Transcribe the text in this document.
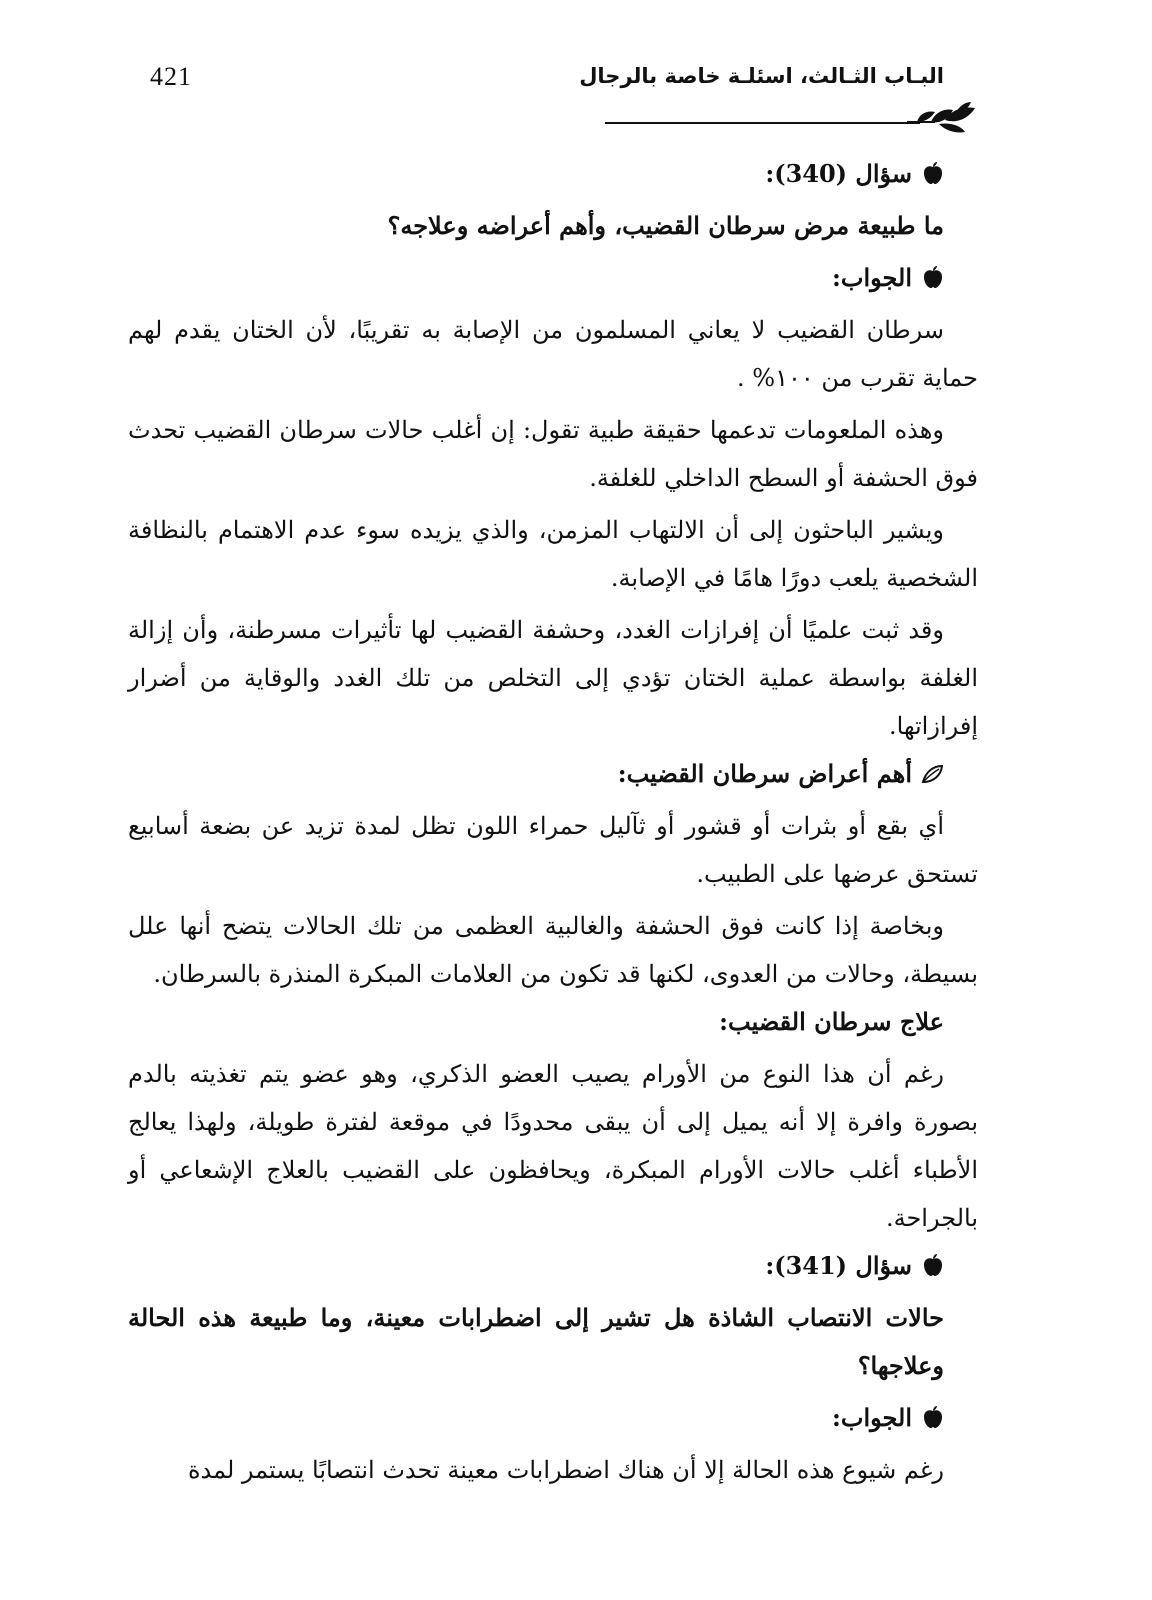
421	البـاب الثـالث، اسئلـة خاصة بالرجال

سؤال (340):

ما طبيعة مرض سرطان القضيب، وأهم أعراضه وعلاجه؟

الجواب:

سرطان القضيب لا يعاني المسلمون من الإصابة به تقريبًا، لأن الختان يقدم لهم حماية تقرب من ١٠٠% .

وهذه الملعومات تدعمها حقيقة طبية تقول: إن أغلب حالات سرطان القضيب تحدث فوق الحشفة أو السطح الداخلي للغلفة.

ويشير الباحثون إلى أن الالتهاب المزمن، والذي يزيده سوء عدم الاهتمام بالنظافة الشخصية يلعب دورًا هامًا في الإصابة.

وقد ثبت علميًا أن إفرازات الغدد، وحشفة القضيب لها تأثيرات مسرطنة، وأن إزالة الغلفة بواسطة عملية الختان تؤدي إلى التخلص من تلك الغدد والوقاية من أضرار إفرازاتها.

أهم أعراض سرطان القضيب:

أي بقع أو بثرات أو قشور أو ثآليل حمراء اللون تظل لمدة تزيد عن بضعة أسابيع تستحق عرضها على الطبيب.

وبخاصة إذا كانت فوق الحشفة والغالبية العظمى من تلك الحالات يتضح أنها علل بسيطة، وحالات من العدوى، لكنها قد تكون من العلامات المبكرة المنذرة بالسرطان.

علاج سرطان القضيب:

رغم أن هذا النوع من الأورام يصيب العضو الذكري، وهو عضو يتم تغذيته بالدم بصورة وافرة إلا أنه يميل إلى أن يبقى محدودًا في موقعة لفترة طويلة، ولهذا يعالج الأطباء أغلب حالات الأورام المبكرة، ويحافظون على القضيب بالعلاج الإشعاعي أو بالجراحة.

سؤال (341):

حالات الانتصاب الشاذة هل تشير إلى اضطرابات معينة، وما طبيعة هذه الحالة وعلاجها؟

الجواب:

رغم شيوع هذه الحالة إلا أن هناك اضطرابات معينة تحدث انتصابًا يستمر لمدة
